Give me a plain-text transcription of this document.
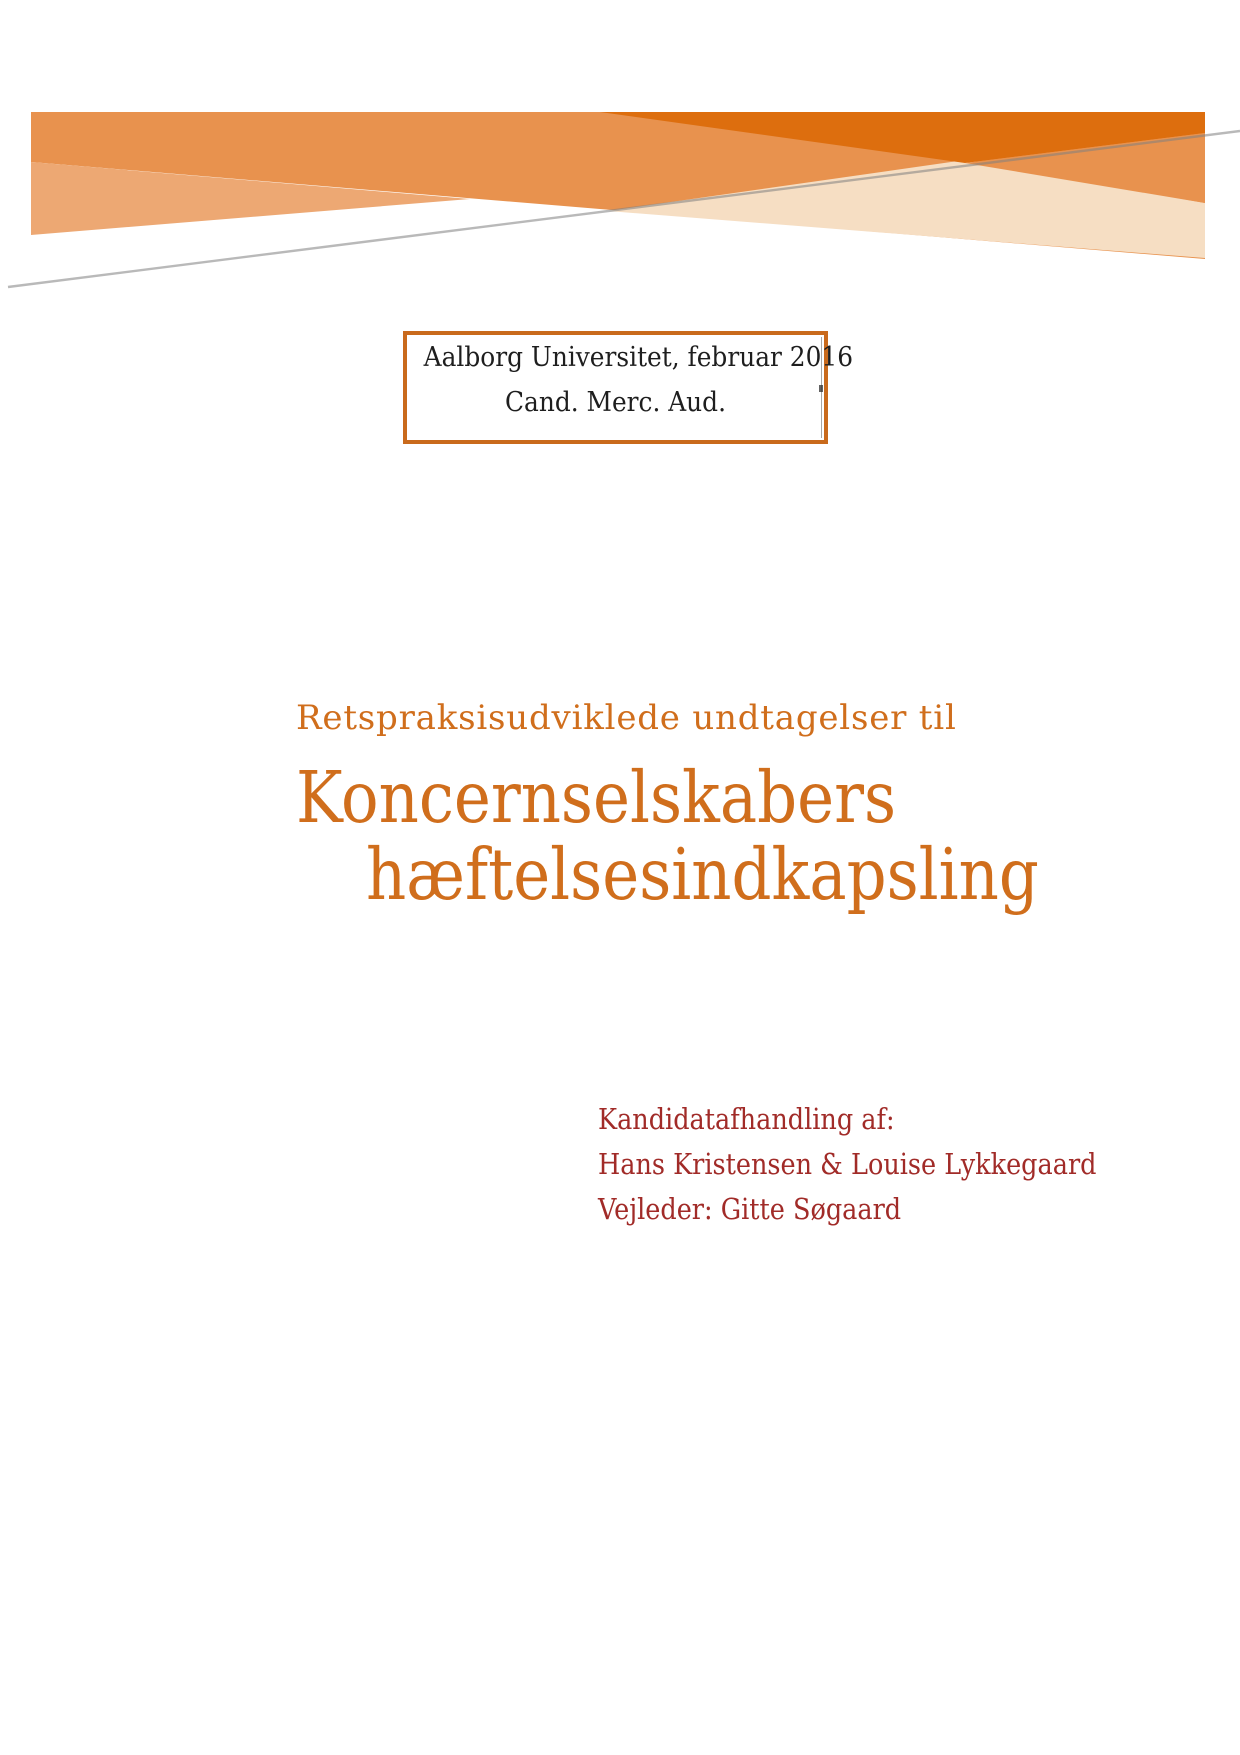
Aalborg Universitet, februar 2016
Cand. Merc. Aud.
Retspraksisudviklede undtagelser til
Koncernselskabers
hæftelsesindkapsling
Kandidatafhandling af:
Hans Kristensen & Louise Lykkegaard
Vejleder: Gitte Søgaard
